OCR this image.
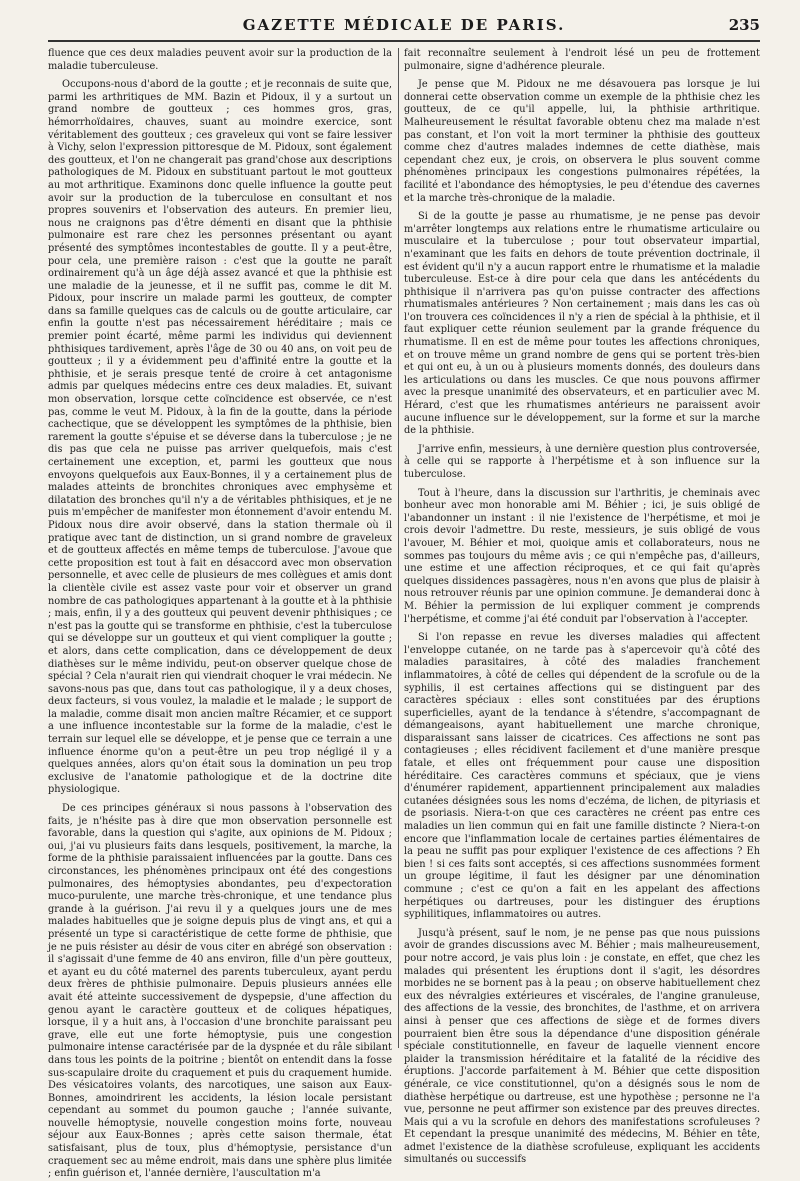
GAZETTE MÉDICALE DE PARIS.	235

fluence que ces deux maladies peuvent avoir sur la production de la maladie tuberculeuse.

Occupons-nous d'abord de la goutte ; et je reconnais de suite que, parmi les arthritiques de MM. Bazin et Pidoux, il y a surtout un grand nombre de goutteux ; ces hommes gros, gras, hémorrhoïdaires, chauves, suant au moindre exercice, sont véritablement des goutteux ; ces graveleux qui vont se faire lessiver à Vichy, selon l'expression pittoresque de M. Pidoux, sont également des goutteux, et l'on ne changerait pas grand'chose aux descriptions pathologiques de M. Pidoux en substituant partout le mot goutteux au mot arthritique. Examinons donc quelle influence la goutte peut avoir sur la production de la tuberculose en consultant et nos propres souvenirs et l'observation des auteurs. En premier lieu, nous ne craignons pas d'être démenti en disant que la phthisie pulmonaire est rare chez les personnes présentant ou ayant présenté des symptômes incontestables de goutte. Il y a peut-être, pour cela, une première raison : c'est que la goutte ne paraît ordinairement qu'à un âge déjà assez avancé et que la phthisie est une maladie de la jeunesse, et il ne suffit pas, comme le dit M. Pidoux, pour inscrire un malade parmi les goutteux, de compter dans sa famille quelques cas de calculs ou de goutte articulaire, car enfin la goutte n'est pas nécessairement héréditaire ; mais ce premier point écarté, même parmi les individus qui deviennent phthisiques tardivement, après l'âge de 30 ou 40 ans, on voit peu de goutteux ; il y a évidemment peu d'affinité entre la goutte et la phthisie, et je serais presque tenté de croire à cet antagonisme admis par quelques médecins entre ces deux maladies. Et, suivant mon observation, lorsque cette coïncidence est observée, ce n'est pas, comme le veut M. Pidoux, à la fin de la goutte, dans la période cachectique, que se développent les symptômes de la phthisie, bien rarement la goutte s'épuise et se déverse dans la tuberculose ; je ne dis pas que cela ne puisse pas arriver quelquefois, mais c'est certainement une exception, et, parmi les goutteux que nous envoyons quelquefois aux Eaux-Bonnes, il y a certainement plus de malades atteints de bronchites chroniques avec emphysème et dilatation des bronches qu'il n'y a de véritables phthisiques, et je ne puis m'empêcher de manifester mon étonnement d'avoir entendu M. Pidoux nous dire avoir observé, dans la station thermale où il pratique avec tant de distinction, un si grand nombre de graveleux et de goutteux affectés en même temps de tuberculose. J'avoue que cette proposition est tout à fait en désaccord avec mon observation personnelle, et avec celle de plusieurs de mes collègues et amis dont la clientèle civile est assez vaste pour voir et observer un grand nombre de cas pathologiques appartenant à la goutte et à la phthisie ; mais, enfin, il y a des goutteux qui peuvent devenir phthisiques ; ce n'est pas la goutte qui se transforme en phthisie, c'est la tuberculose qui se développe sur un goutteux et qui vient compliquer la goutte ; et alors, dans cette complication, dans ce développement de deux diathèses sur le même individu, peut-on observer quelque chose de spécial ? Cela n'aurait rien qui viendrait choquer le vrai médecin. Ne savons-nous pas que, dans tout cas pathologique, il y a deux choses, deux facteurs, si vous voulez, la maladie et le malade ; le support de la maladie, comme disait mon ancien maître Récamier, et ce support a une influence incontestable sur la forme de la maladie, c'est le terrain sur lequel elle se développe, et je pense que ce terrain a une influence énorme qu'on a peut-être un peu trop négligé il y a quelques années, alors qu'on était sous la domination un peu trop exclusive de l'anatomie pathologique et de la doctrine dite physiologique.

De ces principes généraux si nous passons à l'observation des faits, je n'hésite pas à dire que mon observation personnelle est favorable, dans la question qui s'agite, aux opinions de M. Pidoux ; oui, j'ai vu plusieurs faits dans lesquels, positivement, la marche, la forme de la phthisie paraissaient influencées par la goutte. Dans ces circonstances, les phénomènes principaux ont été des congestions pulmonaires, des hémoptysies abondantes, peu d'expectoration muco-purulente, une marche très-chronique, et une tendance plus grande à la guérison. J'ai revu il y a quelques jours une de mes malades habituelles que je soigne depuis plus de vingt ans, et qui a présenté un type si caractéristique de cette forme de phthisie, que je ne puis résister au désir de vous citer en abrégé son observation : il s'agissait d'une femme de 40 ans environ, fille d'un père goutteux, et ayant eu du côté maternel des parents tuberculeux, ayant perdu deux frères de phthisie pulmonaire. Depuis plusieurs années elle avait été atteinte successivement de dyspepsie, d'une affection du genou ayant le caractère goutteux et de coliques hépatiques, lorsque, il y a huit ans, à l'occasion d'une bronchite paraissant peu grave, elle eut une forte hémoptysie, puis une congestion pulmonaire intense caractérisée par de la dyspnée et du râle sibilant dans tous les points de la poitrine ; bientôt on entendit dans la fosse sus-scapulaire droite du craquement et puis du craquement humide. Des vésicatoires volants, des narcotiques, une saison aux Eaux-Bonnes, amoindrirent les accidents, la lésion locale persistant cependant au sommet du poumon gauche ; l'année suivante, nouvelle hémoptysie, nouvelle congestion moins forte, nouveau séjour aux Eaux-Bonnes ; après cette saison thermale, état satisfaisant, plus de toux, plus d'hémoptysie, persistance d'un craquement sec au même endroit, mais dans une sphère plus limitée ; enfin guérison et, l'année dernière, l'auscultation m'a

fait reconnaître seulement à l'endroit lésé un peu de frottement pulmonaire, signe d'adhérence pleurale.

Je pense que M. Pidoux ne me désavouera pas lorsque je lui donnerai cette observation comme un exemple de la phthisie chez les goutteux, de ce qu'il appelle, lui, la phthisie arthritique. Malheureusement le résultat favorable obtenu chez ma malade n'est pas constant, et l'on voit la mort terminer la phthisie des goutteux comme chez d'autres malades indemnes de cette diathèse, mais cependant chez eux, je crois, on observera le plus souvent comme phénomènes principaux les congestions pulmonaires répétées, la facilité et l'abondance des hémoptysies, le peu d'étendue des cavernes et la marche très-chronique de la maladie.

Si de la goutte je passe au rhumatisme, je ne pense pas devoir m'arrêter longtemps aux relations entre le rhumatisme articulaire ou musculaire et la tuberculose ; pour tout observateur impartial, n'examinant que les faits en dehors de toute prévention doctrinale, il est évident qu'il n'y a aucun rapport entre le rhumatisme et la maladie tuberculeuse. Est-ce à dire pour cela que dans les antécédents du phthisique il n'arrivera pas qu'on puisse contracter des affections rhumatismales antérieures ? Non certainement ; mais dans les cas où l'on trouvera ces coïncidences il n'y a rien de spécial à la phthisie, et il faut expliquer cette réunion seulement par la grande fréquence du rhumatisme. Il en est de même pour toutes les affections chroniques, et on trouve même un grand nombre de gens qui se portent très-bien et qui ont eu, à un ou à plusieurs moments donnés, des douleurs dans les articulations ou dans les muscles. Ce que nous pouvons affirmer avec la presque unanimité des observateurs, et en particulier avec M. Hérard, c'est que les rhumatismes antérieurs ne paraissent avoir aucune influence sur le développement, sur la forme et sur la marche de la phthisie.

J'arrive enfin, messieurs, à une dernière question plus controversée, à celle qui se rapporte à l'herpétisme et à son influence sur la tuberculose.

Tout à l'heure, dans la discussion sur l'arthritis, je cheminais avec bonheur avec mon honorable ami M. Béhier ; ici, je suis obligé de l'abandonner un instant : il nie l'existence de l'herpétisme, et moi je crois devoir l'admettre. Du reste, messieurs, je suis obligé de vous l'avouer, M. Béhier et moi, quoique amis et collaborateurs, nous ne sommes pas toujours du même avis ; ce qui n'empêche pas, d'ailleurs, une estime et une affection réciproques, et ce qui fait qu'après quelques dissidences passagères, nous n'en avons que plus de plaisir à nous retrouver réunis par une opinion commune. Je demanderai donc à M. Béhier la permission de lui expliquer comment je comprends l'herpétisme, et comme j'ai été conduit par l'observation à l'accepter.

Si l'on repasse en revue les diverses maladies qui affectent l'enveloppe cutanée, on ne tarde pas à s'apercevoir qu'à côté des maladies parasitaires, à côté des maladies franchement inflammatoires, à côté de celles qui dépendent de la scrofule ou de la syphilis, il est certaines affections qui se distinguent par des caractères spéciaux : elles sont constituées par des éruptions superficielles, ayant de la tendance à s'étendre, s'accompagnant de démangeaisons, ayant habituellement une marche chronique, disparaissant sans laisser de cicatrices. Ces affections ne sont pas contagieuses ; elles récidivent facilement et d'une manière presque fatale, et elles ont fréquemment pour cause une disposition héréditaire. Ces caractères communs et spéciaux, que je viens d'énumérer rapidement, appartiennent principalement aux maladies cutanées désignées sous les noms d'eczéma, de lichen, de pityriasis et de psoriasis. Niera-t-on que ces caractères ne créent pas entre ces maladies un lien commun qui en fait une famille distincte ? Niera-t-on encore que l'inflammation locale de certaines parties élémentaires de la peau ne suffit pas pour expliquer l'existence de ces affections ? Eh bien ! si ces faits sont acceptés, si ces affections susnommées forment un groupe légitime, il faut les désigner par une dénomination commune ; c'est ce qu'on a fait en les appelant des affections herpétiques ou dartreuses, pour les distinguer des éruptions syphilitiques, inflammatoires ou autres.

Jusqu'à présent, sauf le nom, je ne pense pas que nous puissions avoir de grandes discussions avec M. Béhier ; mais malheureusement, pour notre accord, je vais plus loin : je constate, en effet, que chez les malades qui présentent les éruptions dont il s'agit, les désordres morbides ne se bornent pas à la peau ; on observe habituellement chez eux des névralgies extérieures et viscérales, de l'angine granuleuse, des affections de la vessie, des bronchites, de l'asthme, et on arrivera ainsi à penser que ces affections de siège et de formes divers pourraient bien être sous la dépendance d'une disposition générale spéciale constitutionnelle, en faveur de laquelle viennent encore plaider la transmission héréditaire et la fatalité de la récidive des éruptions. J'accorde parfaitement à M. Béhier que cette disposition générale, ce vice constitutionnel, qu'on a désignés sous le nom de diathèse herpétique ou dartreuse, est une hypothèse ; personne ne l'a vue, personne ne peut affirmer son existence par des preuves directes. Mais qui a vu la scrofule en dehors des manifestations scrofuleuses ? Et cependant la presque unanimité des médecins, M. Béhier en tête, admet l'existence de la diathèse scrofuleuse, expliquant les accidents simultanés ou successifs
